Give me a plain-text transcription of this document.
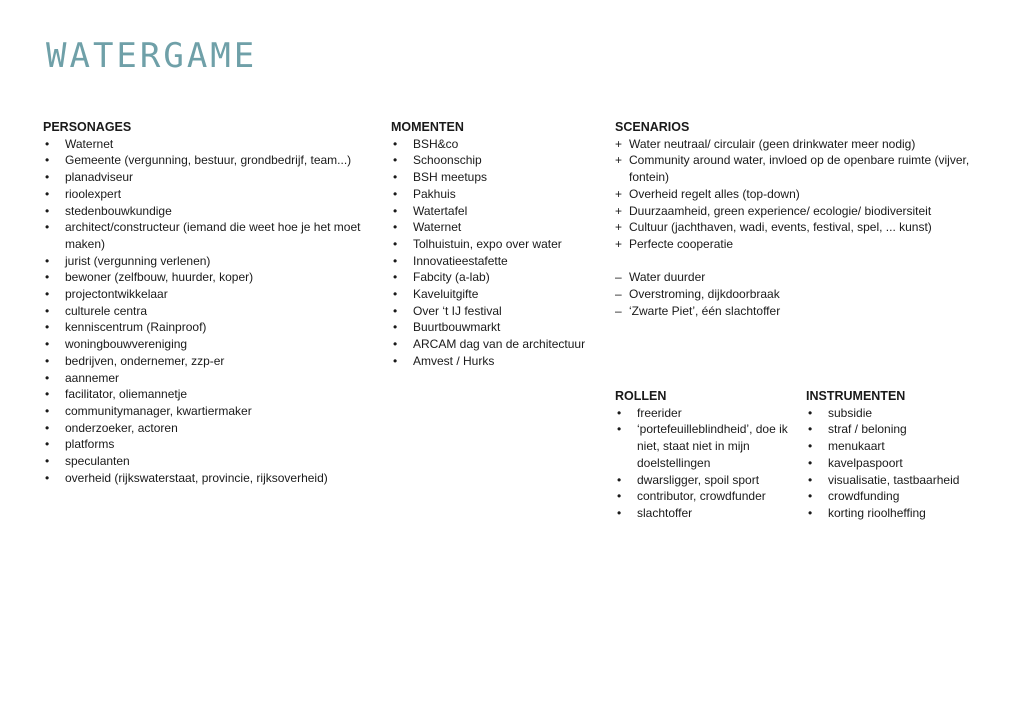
WATERGAME
PERSONAGES
• Waternet
• Gemeente (vergunning, bestuur, grondbedrijf, team...)
• planadviseur
• rioolexpert
• stedenbouwkundige
• architect/constructeur (iemand die weet hoe je het moet maken)
• jurist (vergunning verlenen)
• bewoner (zelfbouw, huurder, koper)
• projectontwikkelaar
• culturele centra
• kenniscentrum (Rainproof)
• woningbouwvereniging
• bedrijven, ondernemer, zzp-er
• aannemer
• facilitator, oliemannetje
• communitymanager, kwartiermaker
• onderzoeker, actoren
• platforms
• speculanten
• overheid (rijkswaterstaat, provincie, rijksoverheid)
MOMENTEN
• BSH&co
• Schoonschip
• BSH meetups
• Pakhuis
• Watertafel
• Waternet
• Tolhuistuin, expo over water
• Innovatieestafette
• Fabcity (a-lab)
• Kaveluitgifte
• Over ‘t IJ festival
• Buurtbouwmarkt
• ARCAM dag van de architectuur
• Amvest / Hurks
SCENARIOS
+ Water neutraal/ circulair (geen drinkwater meer nodig)
+ Community around water, invloed op de openbare ruimte (vijver, fontein)
+ Overheid regelt alles (top-down)
+ Duurzaamheid, green experience/ ecologie/ biodiversiteit
+ Cultuur (jachthaven, wadi, events, festival, spel, ... kunst)
+ Perfecte cooperatie
– Water duurder
– Overstroming, dijkdoorbraak
– ‘Zwarte Piet’, één slachtoffer
ROLLEN
• freerider
• ‘portefeuilleblindheid’, doe ik niet, staat niet in mijn doelstellingen
• dwarsligger, spoil sport
• contributor, crowdfunder
• slachtoffer
INSTRUMENTEN
• subsidie
• straf / beloning
• menukaart
• kavelpaspoort
• visualisatie, tastbaarheid
• crowdfunding
• korting rioolheffing
